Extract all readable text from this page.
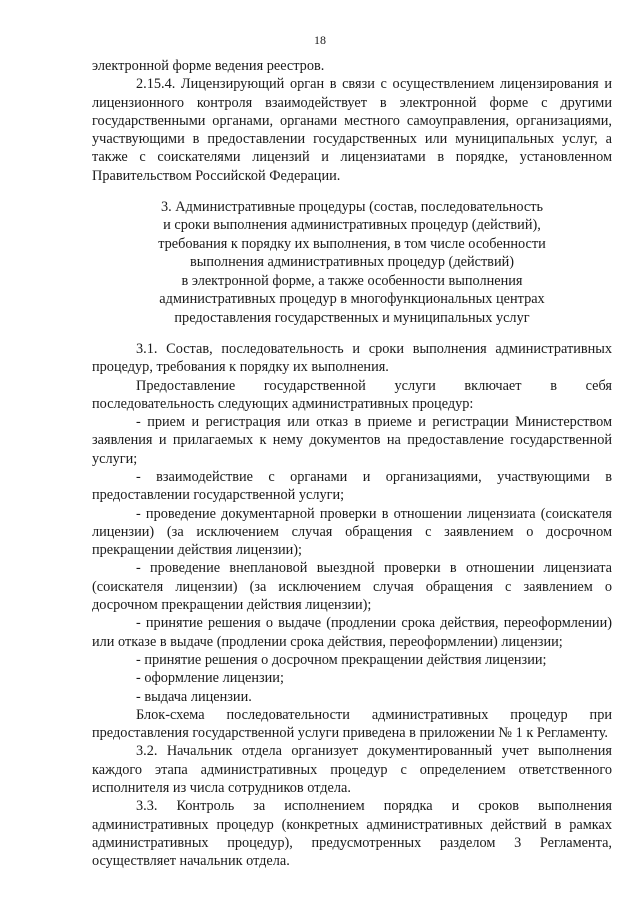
18

электронной форме ведения реестров.

2.15.4. Лицензирующий орган в связи с осуществлением лицензирования и лицензионного контроля взаимодействует в электронной форме с другими государственными органами, органами местного самоуправления, организациями, участвующими в предоставлении государственных или муниципальных услуг, а также с соискателями лицензий и лицензиатами в порядке, установленном Правительством Российской Федерации.

3. Административные процедуры (состав, последовательность
и сроки выполнения административных процедур (действий),
требования к порядку их выполнения, в том числе особенности
выполнения административных процедур (действий)
в электронной форме, а также особенности выполнения
административных процедур в многофункциональных центрах
предоставления государственных и муниципальных услуг

3.1. Состав, последовательность и сроки выполнения административных процедур, требования к порядку их выполнения.

Предоставление государственной услуги включает в себя последовательность следующих административных процедур:

- прием и регистрация или отказ в приеме и регистрации Министерством заявления и прилагаемых к нему документов на предоставление государственной услуги;

- взаимодействие с органами и организациями, участвующими в предоставлении государственной услуги;

- проведение документарной проверки в отношении лицензиата (соискателя лицензии) (за исключением случая обращения с заявлением о досрочном прекращении действия лицензии);

- проведение внеплановой выездной проверки в отношении лицензиата (соискателя лицензии) (за исключением случая обращения с заявлением о досрочном прекращении действия лицензии);

- принятие решения о выдаче (продлении срока действия, переоформлении) или отказе в выдаче (продлении срока действия, переоформлении) лицензии;

- принятие решения о досрочном прекращении действия лицензии;

- оформление лицензии;

- выдача лицензии.

Блок-схема последовательности административных процедур при предоставления государственной услуги приведена в приложении № 1 к Регламенту.

3.2. Начальник отдела организует документированный учет выполнения каждого этапа административных процедур с определением ответственного исполнителя из числа сотрудников отдела.

3.3. Контроль за исполнением порядка и сроков выполнения административных процедур (конкретных административных действий в рамках административных процедур), предусмотренных разделом 3 Регламента, осуществляет начальник отдела.
